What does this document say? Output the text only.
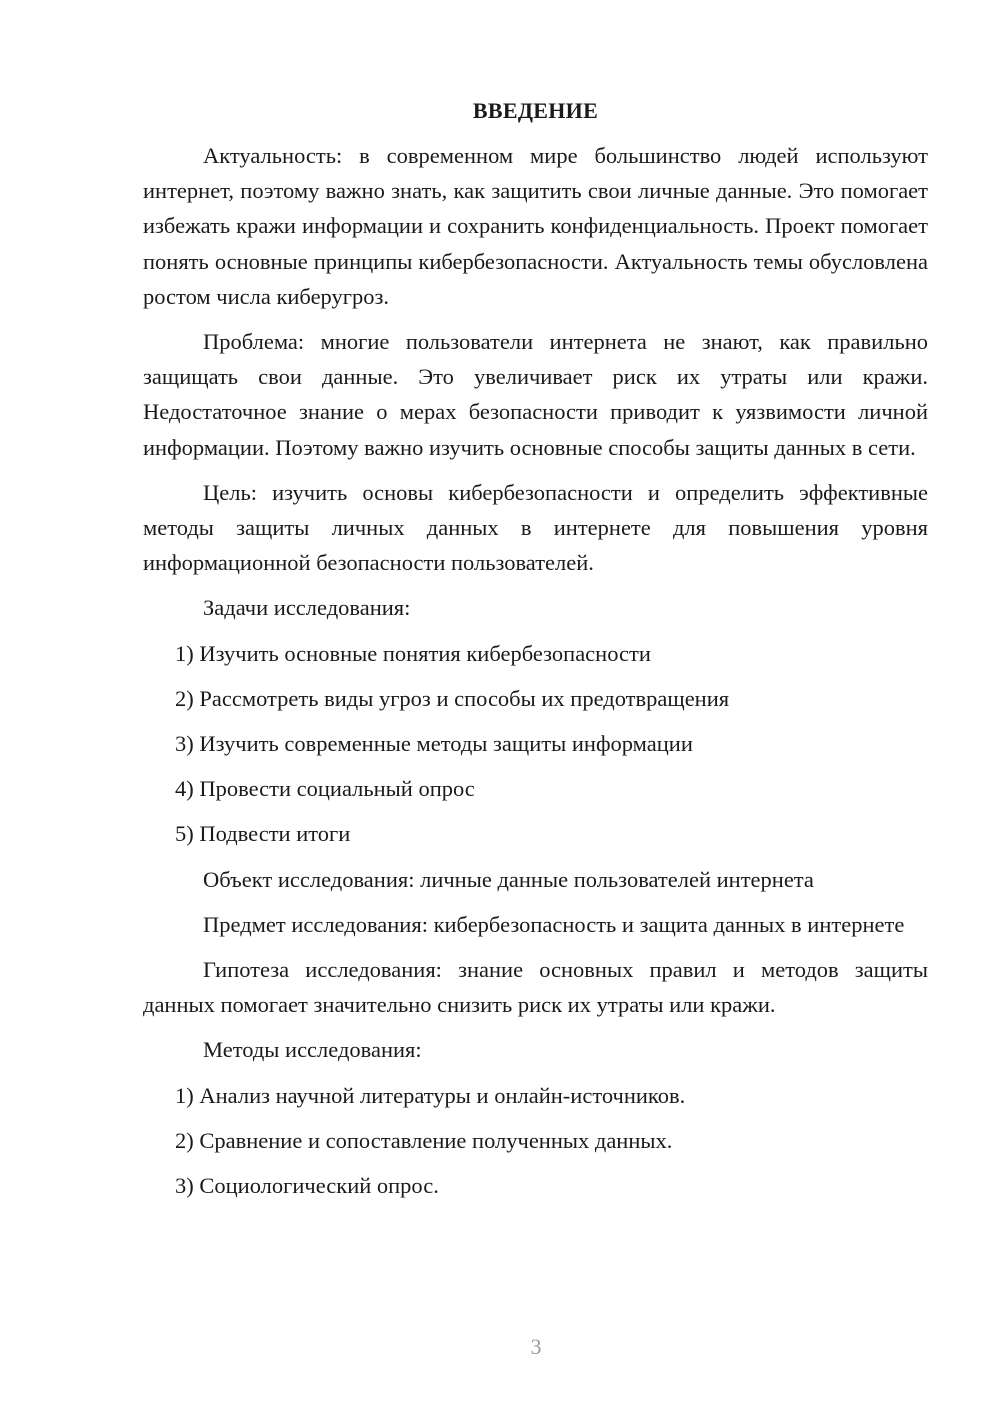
ВВЕДЕНИЕ

Актуальность: в современном мире большинство людей используют интернет, поэтому важно знать, как защитить свои личные данные. Это помогает избежать кражи информации и сохранить конфиденциальность. Проект помогает понять основные принципы кибербезопасности. Актуальность темы обусловлена ростом числа киберугроз.

Проблема: многие пользователи интернета не знают, как правильно защищать свои данные. Это увеличивает риск их утраты или кражи. Недостаточное знание о мерах безопасности приводит к уязвимости личной информации. Поэтому важно изучить основные способы защиты данных в сети.

Цель: изучить основы кибербезопасности и определить эффективные методы защиты личных данных в интернете для повышения уровня информационной безопасности пользователей.

Задачи исследования:
1) Изучить основные понятия кибербезопасности
2) Рассмотреть виды угроз и способы их предотвращения
3) Изучить современные методы защиты информации
4) Провести социальный опрос
5) Подвести итоги

Объект исследования: личные данные пользователей интернета

Предмет исследования: кибербезопасность и защита данных в интернете

Гипотеза исследования: знание основных правил и методов защиты данных помогает значительно снизить риск их утраты или кражи.

Методы исследования:
1) Анализ научной литературы и онлайн-источников.
2) Сравнение и сопоставление полученных данных.
3) Социологический опрос.
3
